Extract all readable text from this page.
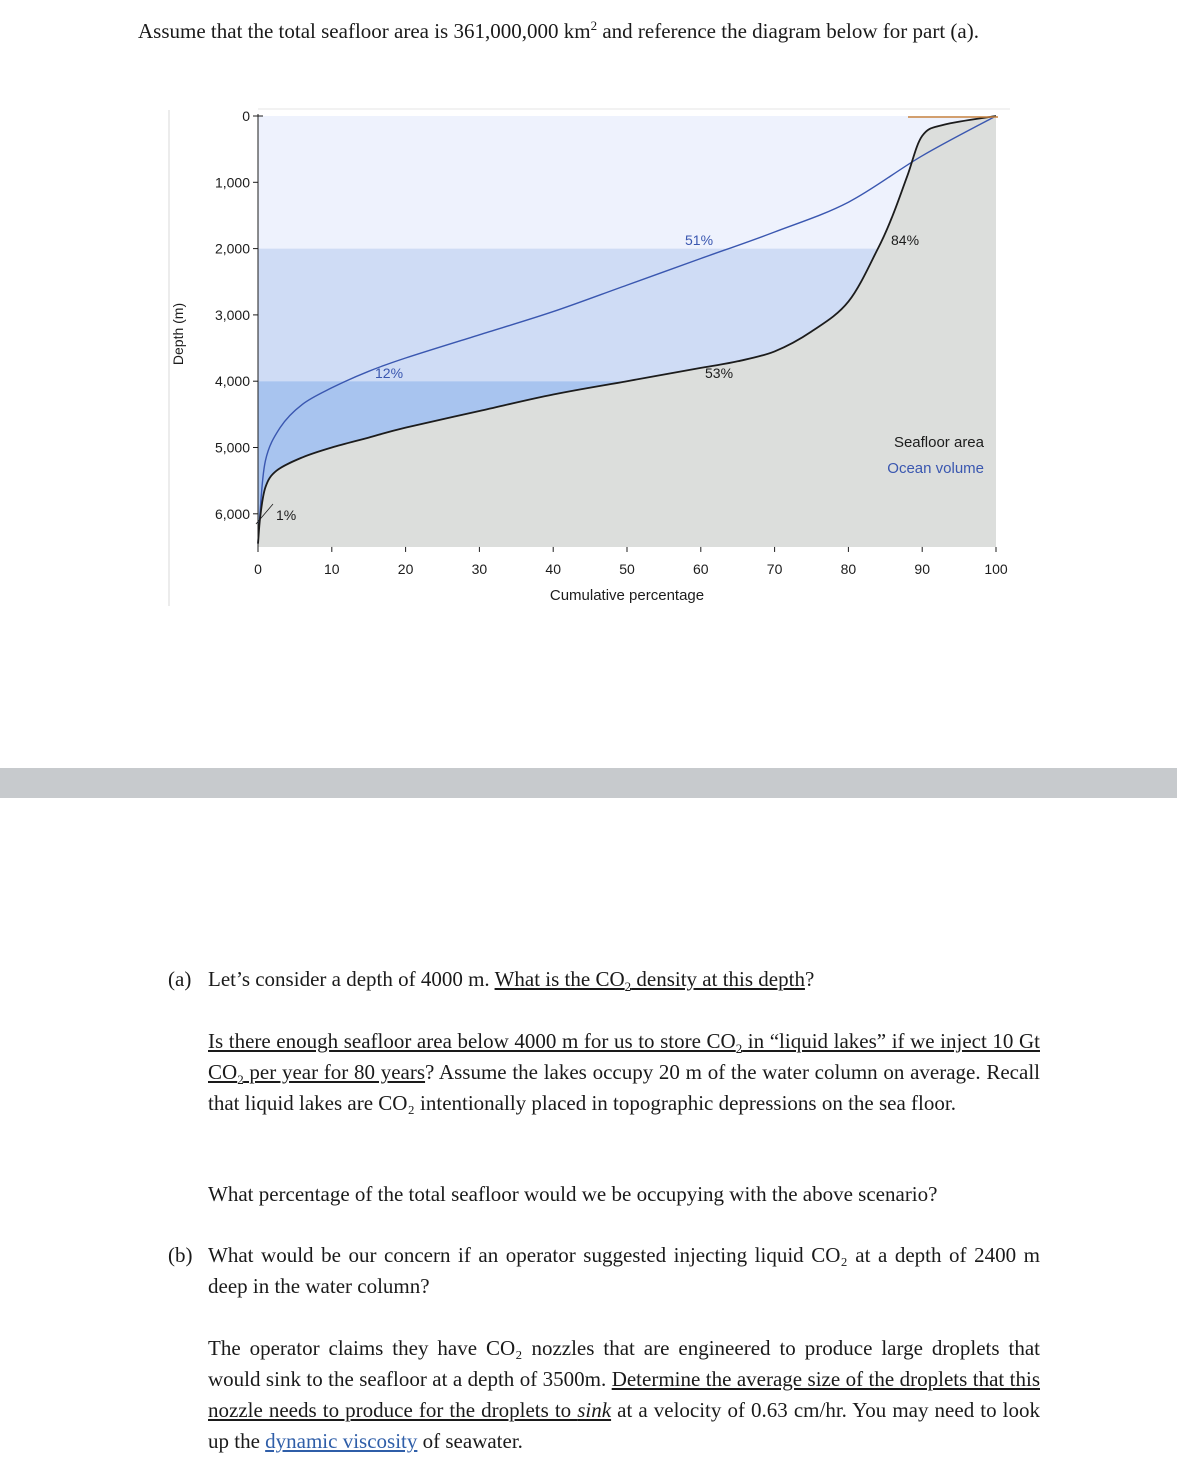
Assume that the total seafloor area is 361,000,000 $km^2$ and reference the diagram below for part (a).

0
1,000
2,000
3,000
4,000
5,000
6,000
0	10	20	30	40	50	60	70	80	90	100
51%	84%
12%	53%
1%
Seafloor area
Ocean volume
Cumulative percentage
Depth (m)

(a) Let’s consider a depth of 4000 m. What is the $CO_2$ density at this depth?

Is there enough seafloor area below 4000 m for us to store $CO_2$ in “liquid lakes” if we inject 10 Gt $CO_2$ per year for 80 years? Assume the lakes occupy 20 m of the water column on average. Recall that liquid lakes are CO₂ intentionally placed in topographic depressions on the sea floor.

What percentage of the total seafloor would we be occupying with the above scenario?

(b) What would be our concern if an operator suggested injecting liquid CO₂ at a depth of 2400 m deep in the water column?

The operator claims they have CO₂ nozzles that are engineered to produce large droplets that would sink to the seafloor at a depth of 3500m. Determine the average size of the droplets that this nozzle needs to produce for the droplets to sink at a velocity of 0.63 cm/hr. You may need to look up the dynamic viscosity of seawater.
